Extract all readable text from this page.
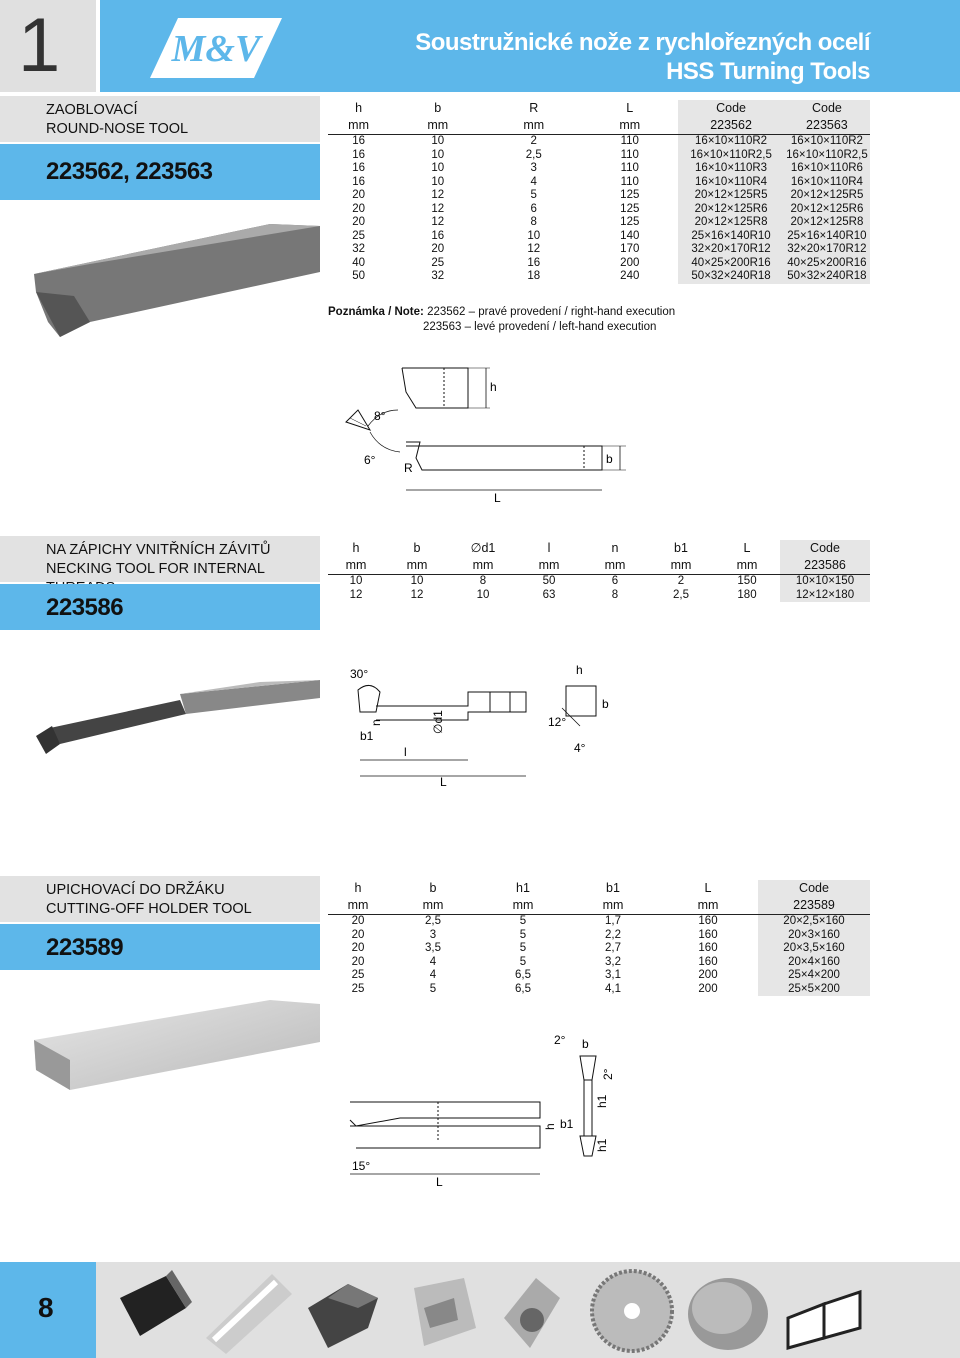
1	M&V	Soustružnické nože z rychlořezných ocelí
HSS Turning Tools
ZAOBLOVACÍ
ROUND-NOSE TOOL
223562, 223563
h	b	R	L	Code	Code
mm	mm	mm	mm	223562	223563
16	10	2	110	16×10×110R2	16×10×110R2
16	10	2,5	110	16×10×110R2,5	16×10×110R2,5
16	10	3	110	16×10×110R3	16×10×110R6
16	10	4	110	16×10×110R4	16×10×110R4
20	12	5	125	20×12×125R5	20×12×125R5
20	12	6	125	20×12×125R6	20×12×125R6
20	12	8	125	20×12×125R8	20×12×125R8
25	16	10	140	25×16×140R10	25×16×140R10
32	20	12	170	32×20×170R12	32×20×170R12
40	25	16	200	40×25×200R16	40×25×200R16
50	32	18	240	50×32×240R18	50×32×240R18
Poznámka / Note: 223562 – pravé provedení / right-hand execution
223563 – levé provedení / left-hand execution
h
b
L
R
8°
6°
NA ZÁPICHY VNITŘNÍCH ZÁVITŮ
NECKING TOOL FOR INTERNAL
223586
h	b	∅d1	l	n	b1	L	Code
mm	mm	mm	mm	mm	mm	mm	223586
10	10	8	50	6	2	150	10×10×150
12	12	10	63	8	2,5	180	12×12×180
30°
n
b1
∅d1
l
L
h
b
12°
4°
UPICHOVACÍ DO DRŽÁKU
CUTTING-OFF HOLDER TOOL
223589
h	b	h1	b1	L	Code
mm	mm	mm	mm	mm	223589
20	2,5	5	1,7	160	20×2,5×160
20	3	5	2,2	160	20×3×160
20	3,5	5	2,7	160	20×3,5×160
20	4	5	3,2	160	20×4×160
25	4	6,5	3,1	200	25×4×200
25	5	6,5	4,1	200	25×5×200
2° b
2°
h
h1
b1
h1
15°
L
8
